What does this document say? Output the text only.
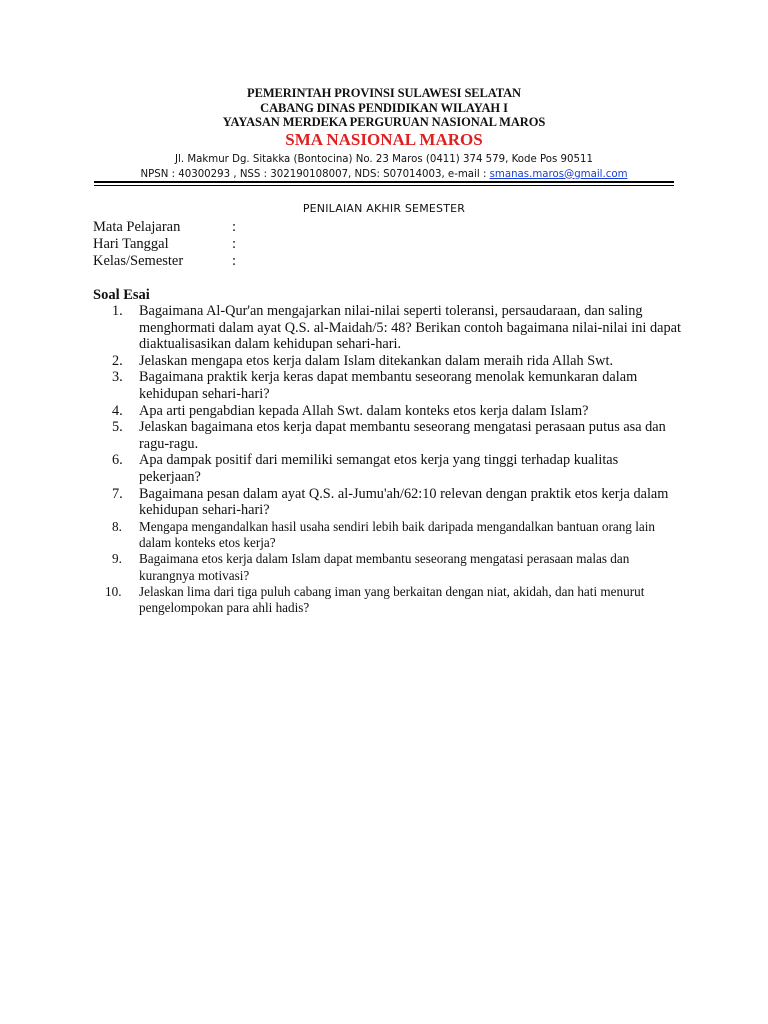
PEMERINTAH PROVINSI SULAWESI SELATAN
CABANG DINAS PENDIDIKAN WILAYAH I
YAYASAN MERDEKA PERGURUAN NASIONAL MAROS
SMA NASIONAL MAROS
Jl. Makmur Dg. Sitakka (Bontocina) No. 23 Maros (0411) 374 579, Kode Pos 90511
NPSN : 40300293 , NSS : 302190108007, NDS: S07014003, e-mail : smanas.maros@gmail.com
PENILAIAN AKHIR SEMESTER
Mata Pelajaran	:
Hari Tanggal	:
Kelas/Semester	:
Soal Esai
1. Bagaimana Al-Qur'an mengajarkan nilai-nilai seperti toleransi, persaudaraan, dan saling menghormati dalam ayat Q.S. al-Maidah/5: 48? Berikan contoh bagaimana nilai-nilai ini dapat diaktualisasikan dalam kehidupan sehari-hari.
2. Jelaskan mengapa etos kerja dalam Islam ditekankan dalam meraih rida Allah Swt.
3. Bagaimana praktik kerja keras dapat membantu seseorang menolak kemunkaran dalam kehidupan sehari-hari?
4. Apa arti pengabdian kepada Allah Swt. dalam konteks etos kerja dalam Islam?
5. Jelaskan bagaimana etos kerja dapat membantu seseorang mengatasi perasaan putus asa dan ragu-ragu.
6. Apa dampak positif dari memiliki semangat etos kerja yang tinggi terhadap kualitas pekerjaan?
7. Bagaimana pesan dalam ayat Q.S. al-Jumu'ah/62:10 relevan dengan praktik etos kerja dalam kehidupan sehari-hari?
8. Mengapa mengandalkan hasil usaha sendiri lebih baik daripada mengandalkan bantuan orang lain dalam konteks etos kerja?
9. Bagaimana etos kerja dalam Islam dapat membantu seseorang mengatasi perasaan malas dan kurangnya motivasi?
10. Jelaskan lima dari tiga puluh cabang iman yang berkaitan dengan niat, akidah, dan hati menurut pengelompokan para ahli hadis?
